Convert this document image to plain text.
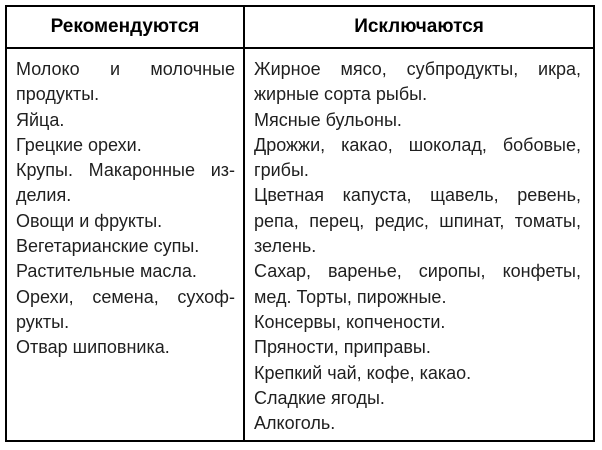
Рекомендуются	Исключаются
Молоко и молочные
продукты.
Яйца.
Грецкие орехи.
Крупы. Макаронные из-
делия.
Овощи и фрукты.
Вегетарианские супы.
Растительные масла.
Орехи, семена, сухоф-
рукты.
Отвар шиповника.
Жирное мясо, субпродукты, икра,
жирные сорта рыбы.
Мясные бульоны.
Дрожжи, какао, шоколад, бобовые,
грибы.
Цветная капуста, щавель, ревень,
репа, перец, редис, шпинат, томаты,
зелень.
Сахар, варенье, сиропы, конфеты,
мед. Торты, пирожные.
Консервы, копчености.
Пряности, приправы.
Крепкий чай, кофе, какао.
Сладкие ягоды.
Алкоголь.
